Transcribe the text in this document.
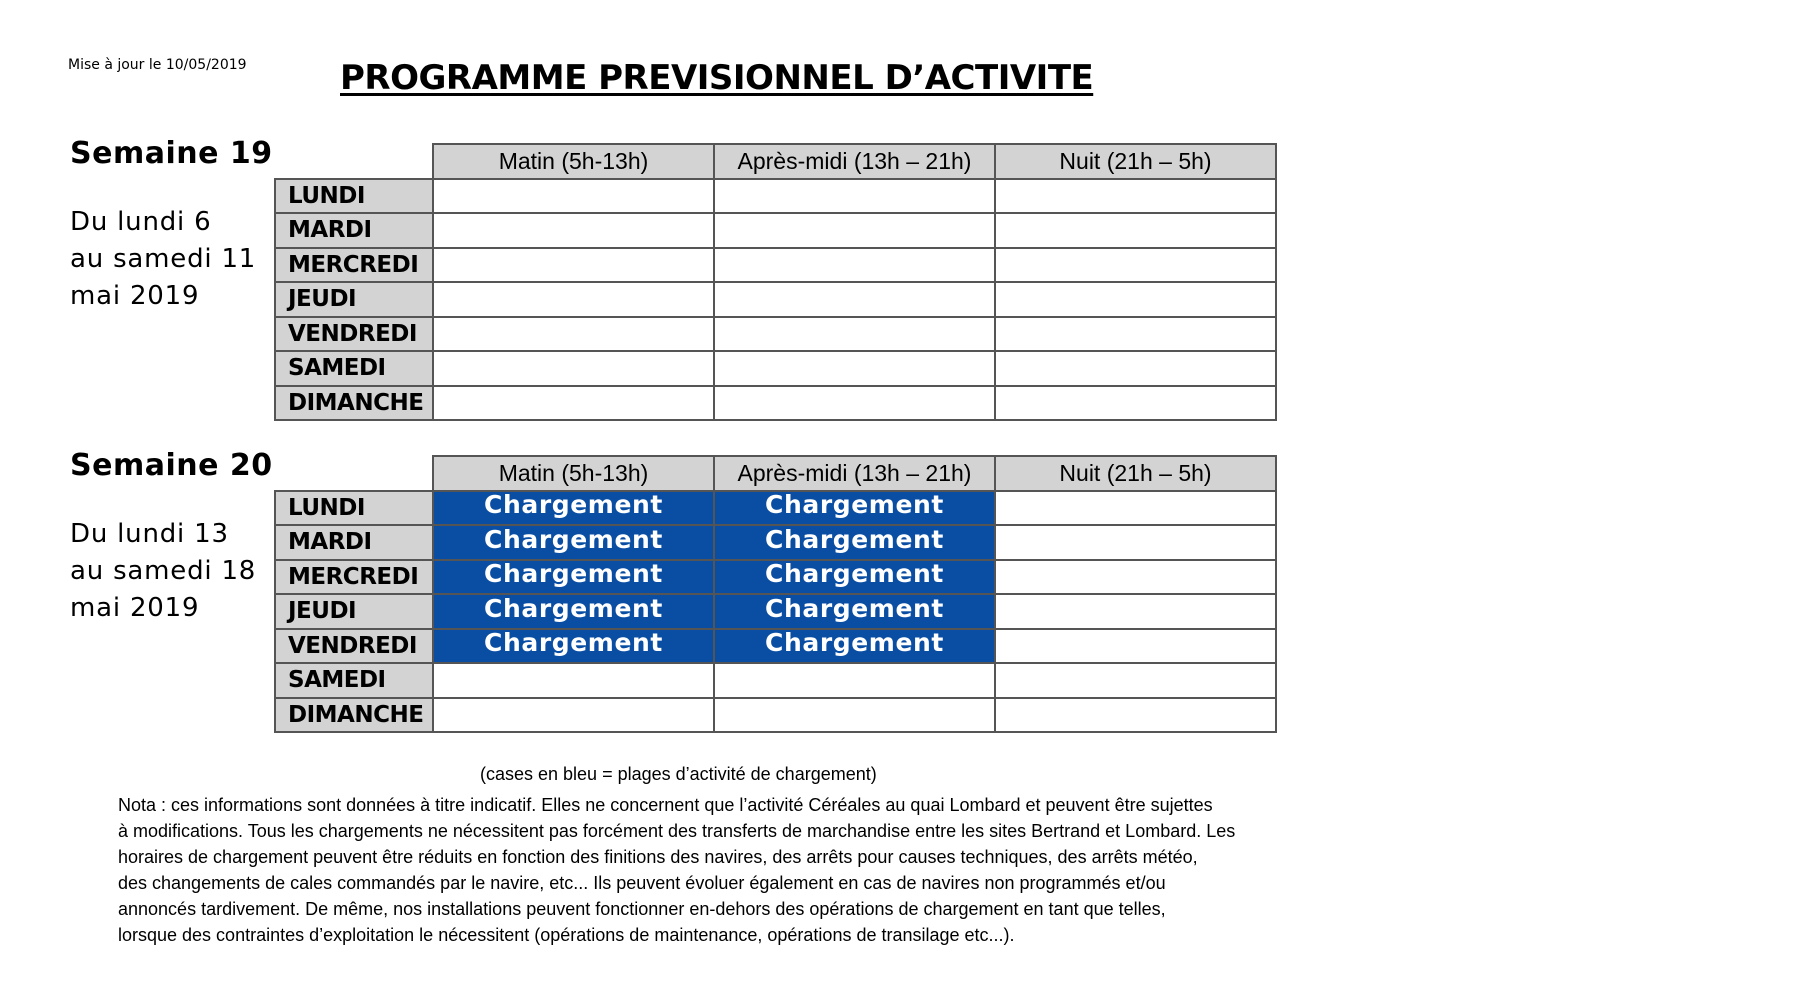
Mise à jour le 10/05/2019	PROGRAMME PREVISIONNEL D’ACTIVITE
Semaine 19
Du lundi 6
au samedi 11
mai 2019
	Matin (5h-13h)	Après-midi (13h – 21h)	Nuit (21h – 5h)
LUNDI			
MARDI			
MERCREDI			
JEUDI			
VENDREDI			
SAMEDI			
DIMANCHE			
Semaine 20
Du lundi 13
au samedi 18
mai 2019
	Matin (5h-13h)	Après-midi (13h – 21h)	Nuit (21h – 5h)
LUNDI	Chargement	Chargement	
MARDI	Chargement	Chargement	
MERCREDI	Chargement	Chargement	
JEUDI	Chargement	Chargement	
VENDREDI	Chargement	Chargement	
SAMEDI			
DIMANCHE			
(cases en bleu = plages d’activité de chargement)
Nota : ces informations sont données à titre indicatif. Elles ne concernent que l’activité Céréales au quai Lombard et peuvent être sujettes
à modifications. Tous les chargements ne nécessitent pas forcément des transferts de marchandise entre les sites Bertrand et Lombard. Les
horaires de chargement peuvent être réduits en fonction des finitions des navires, des arrêts pour causes techniques, des arrêts météo,
des changements de cales commandés par le navire, etc... Ils peuvent évoluer également en cas de navires non programmés et/ou
annoncés tardivement. De même, nos installations peuvent fonctionner en-dehors des opérations de chargement en tant que telles,
lorsque des contraintes d’exploitation le nécessitent (opérations de maintenance, opérations de transilage etc...).
